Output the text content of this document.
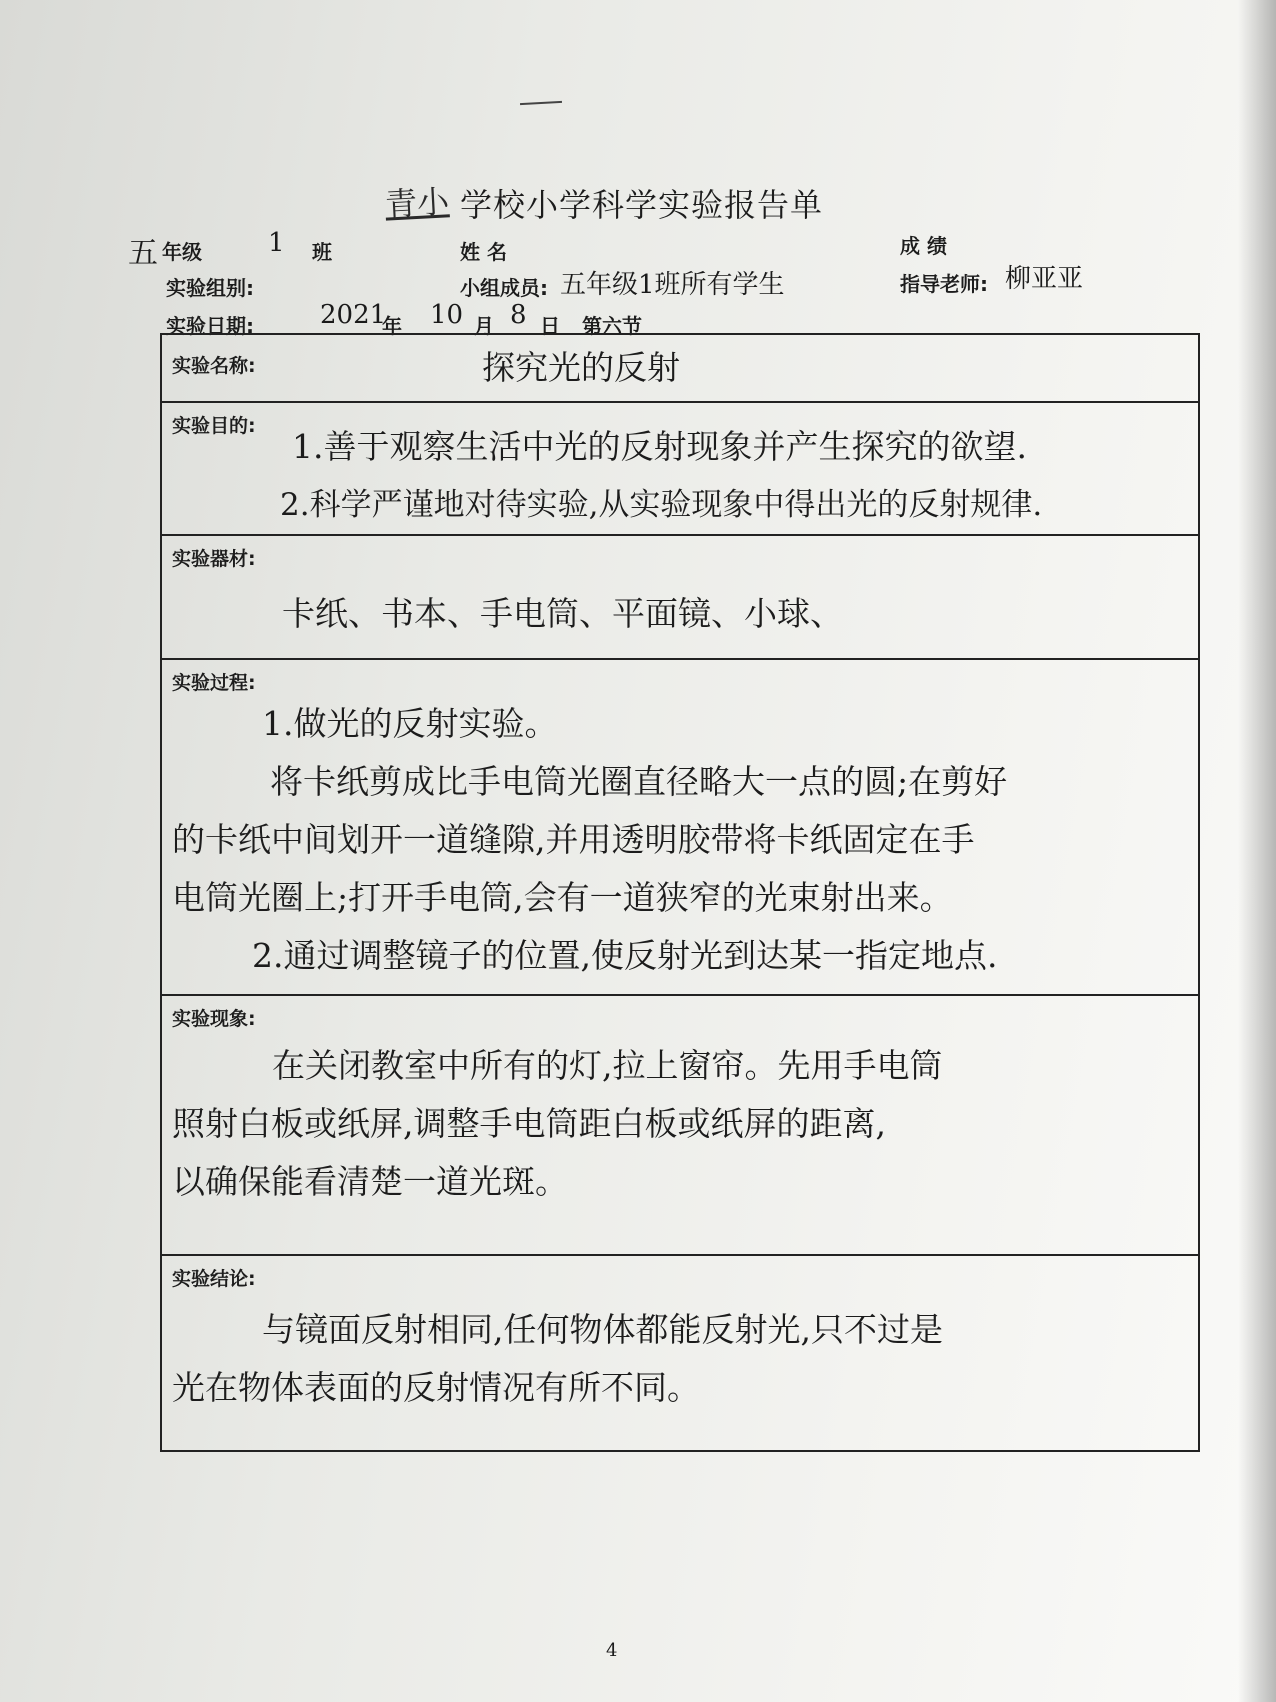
青小 学校小学科学实验报告单
五 年级	1 班	姓 名	成 绩
实验组别:	小组成员: 五年级1班所有学生	指导老师: 柳亚亚
实验日期:	2021
年 10 月 8 日 第六节
实验名称:	探究光的反射

实验目的:
1.善于观察生活中光的反射现象并产生探究的欲望.
2.科学严谨地对待实验,从实验现象中得出光的反射规律.

实验器材:
卡纸、书本、手电筒、平面镜、小球、

实验过程:
1.做光的反射实验。
将卡纸剪成比手电筒光圈直径略大一点的圆;在剪好
的卡纸中间划开一道缝隙,并用透明胶带将卡纸固定在手
电筒光圈上;打开手电筒,会有一道狭窄的光束射出来。
2.通过调整镜子的位置,使反射光到达某一指定地点.

实验现象:
在关闭教室中所有的灯,拉上窗帘。先用手电筒
照射白板或纸屏,调整手电筒距白板或纸屏的距离,
以确保能看清楚一道光斑。

实验结论:
与镜面反射相同,任何物体都能反射光,只不过是
光在物体表面的反射情况有所不同。
4
